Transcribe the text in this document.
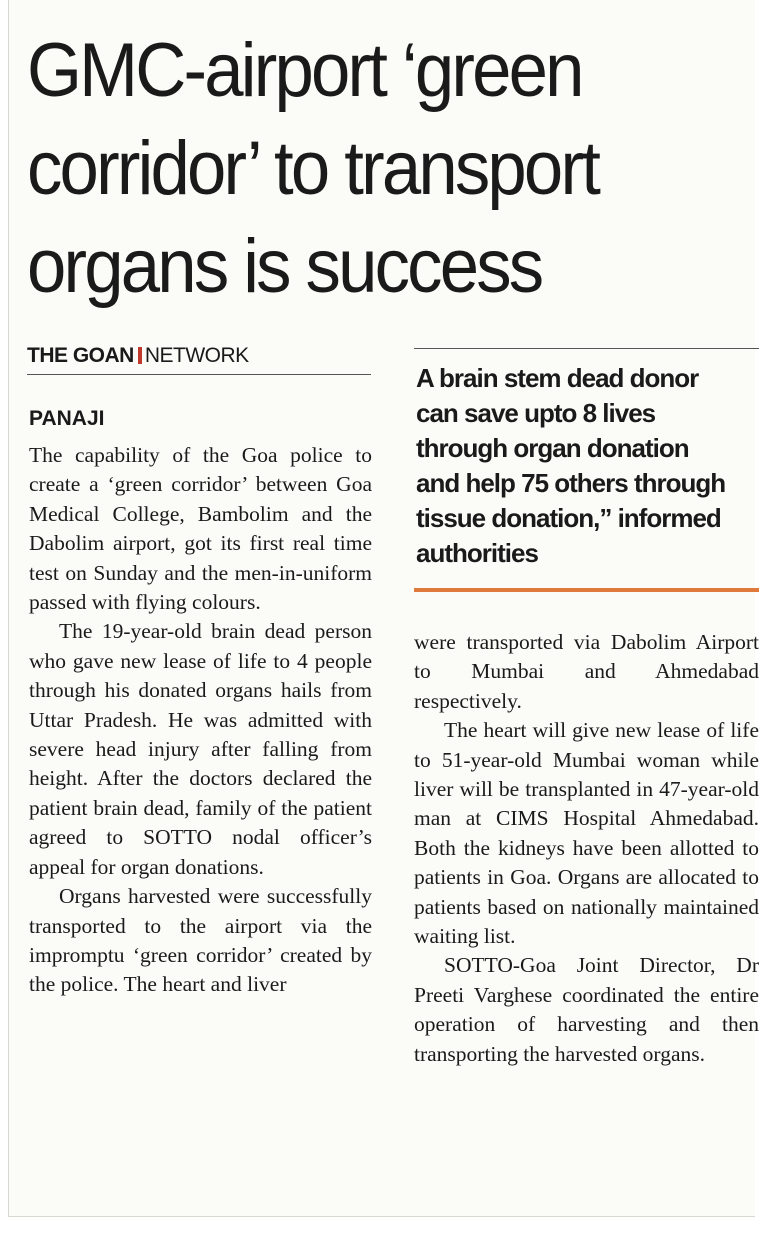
GMC-airport ‘green
corridor’ to transport
organs is success
THE GOAN NETWORK
PANAJI

The capability of the Goa police to create a ‘green corridor’ between Goa Medical College, Bambolim and the Dabolim airport, got its first real time test on Sunday and the men-in-uniform passed with flying colours.

The 19-year-old brain dead person who gave new lease of life to 4 people through his donated organs hails from Uttar Pradesh. He was admitted with severe head injury after falling from height. After the doctors declared the patient brain dead, family of the patient agreed to SOTTO nodal officer’s appeal for organ donations.

Organs harvested were successfully transported to the airport via the impromptu ‘green corridor’ created by the police. The heart and liver

A brain stem dead donor
can save upto 8 lives
through organ donation
and help 75 others through
tissue donation,” informed
authorities

were transported via Dabolim Airport to Mumbai and Ahmedabad respectively.

The heart will give new lease of life to 51-year-old Mumbai woman while liver will be transplanted in 47-year-old man at CIMS Hospital Ahmedabad. Both the kidneys have been allotted to patients in Goa. Organs are allocated to patients based on nationally maintained waiting list.

SOTTO-Goa Joint Director, Dr Preeti Varghese coordinated the entire operation of harvesting and then transporting the harvested organs.
